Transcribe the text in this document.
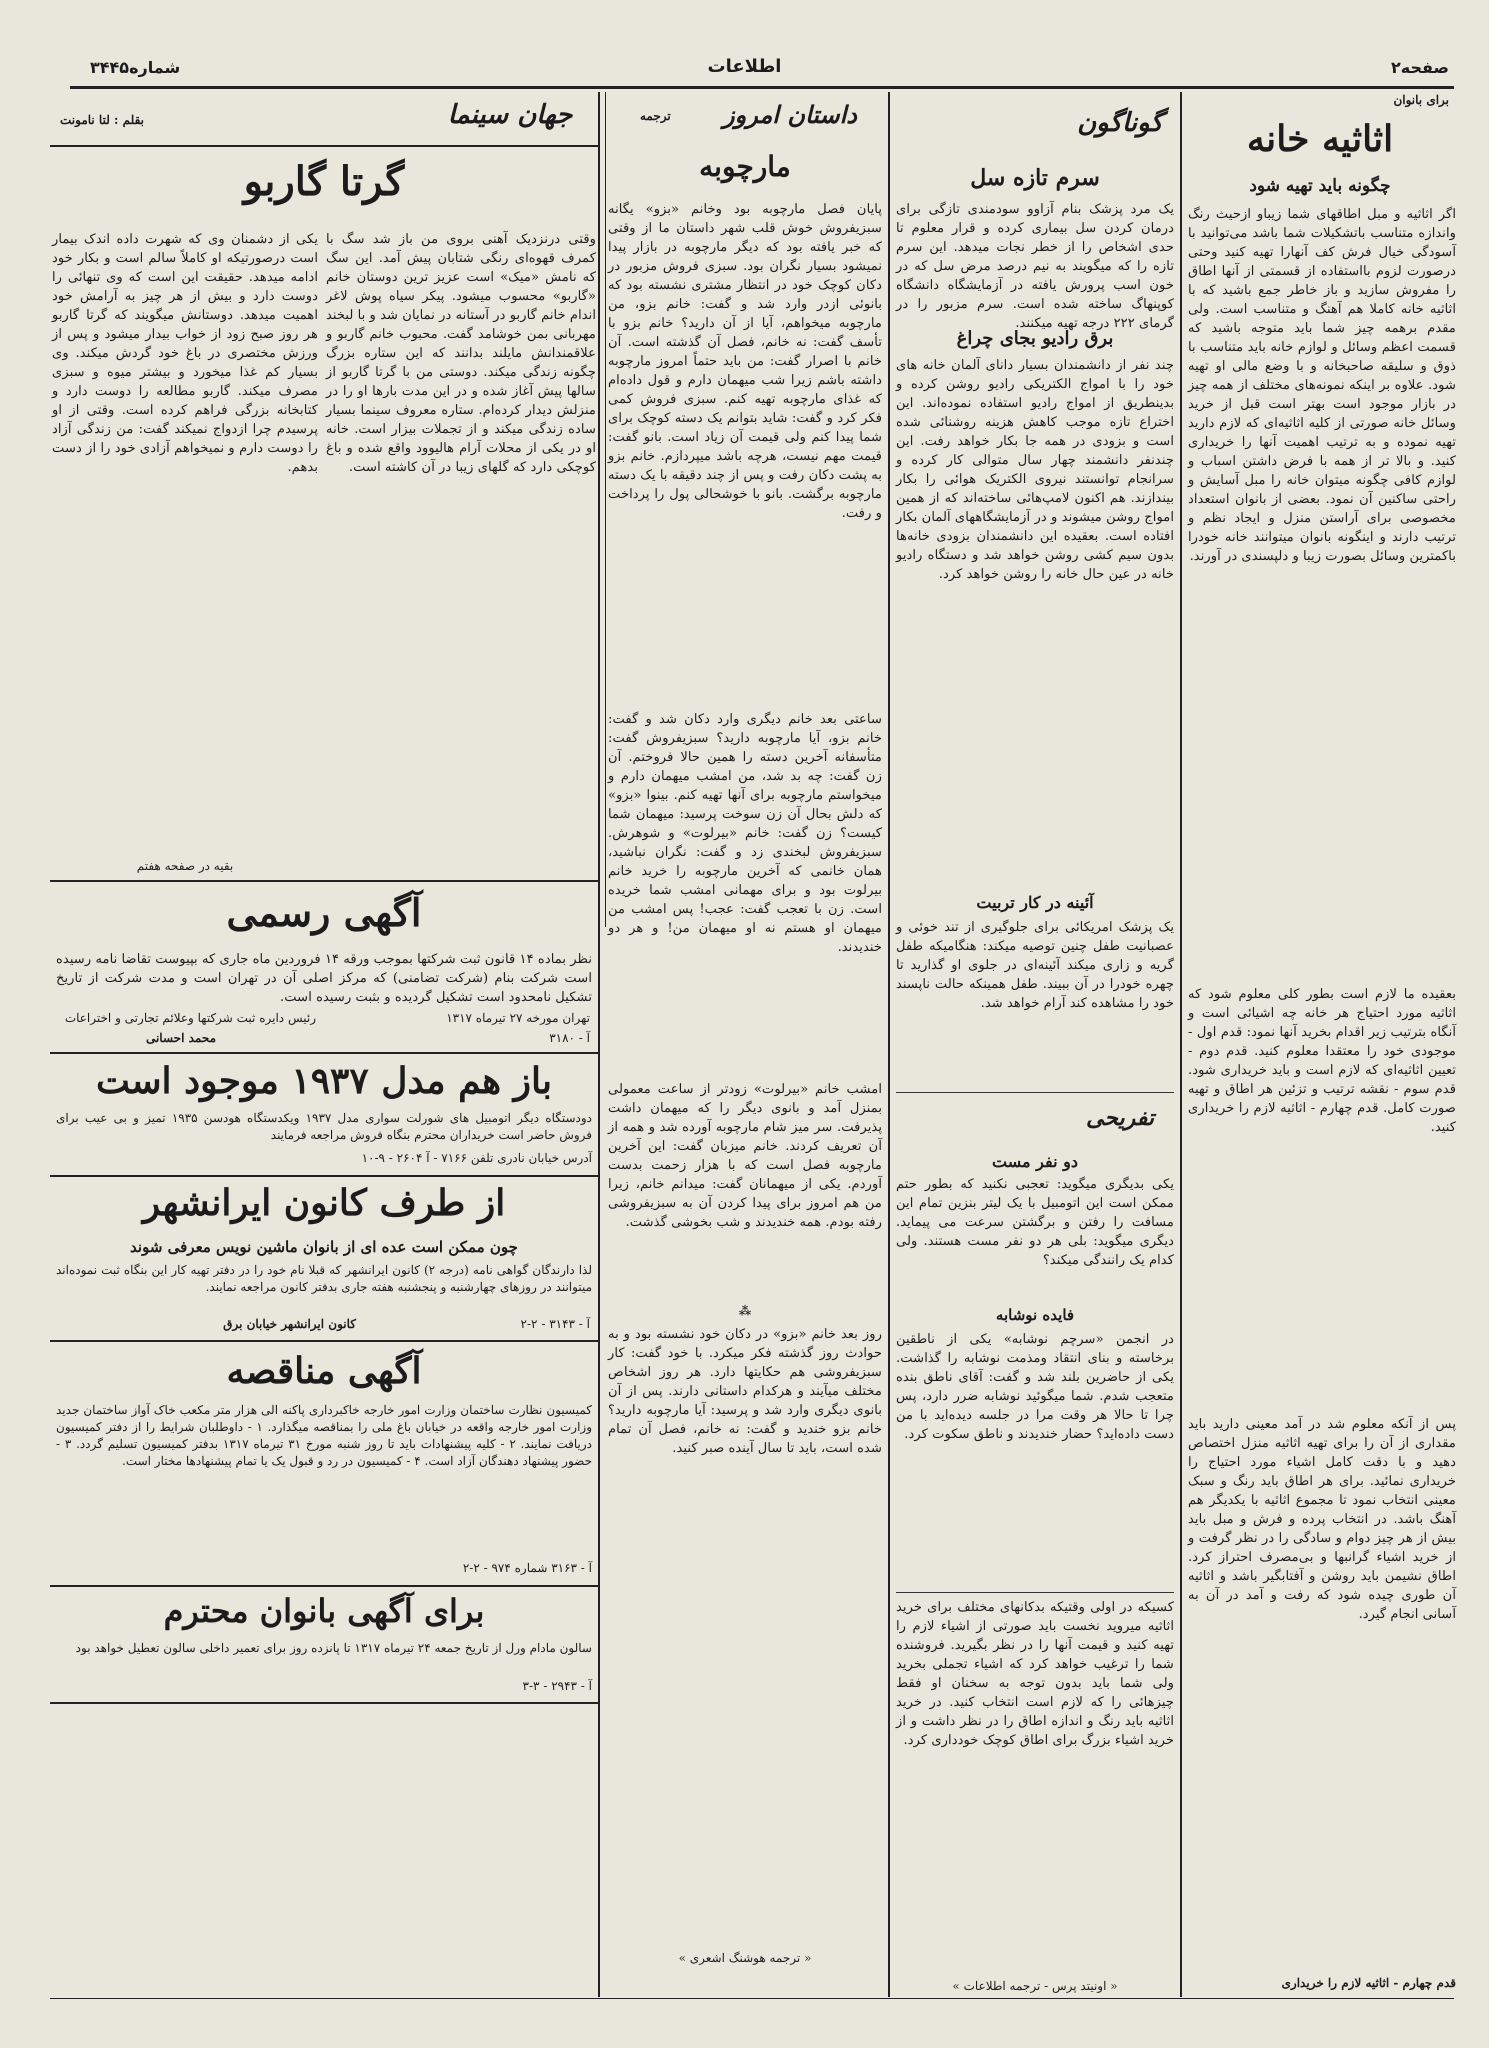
صفحه۲
اطلاعات
شماره۳۴۴۵
برای بانوان
اثاثیه خانه
چگونه باید تهیه شود
اگر اثاثیه و مبل اطاقهای شما زیباو ازحیث رنگ واندازه متناسب باتشکیلات شما باشد می‌توانید با آسودگی خیال فرش کف آنهارا تهیه کنید وحتی درصورت لزوم بااستفاده از قسمتی از آنها اطاق را مفروش سازید و باز خاطر جمع باشید که با اثاثیه خانه کاملا هم آهنگ و متناسب است. ولی مقدم برهمه چیز شما باید متوجه باشید که قسمت اعظم وسائل و لوازم خانه باید متناسب با ذوق و سلیقه صاحبخانه و با وضع مالی او تهیه شود. علاوه بر اینکه نمونه‌های مختلف از همه چیز در بازار موجود است بهتر است قبل از خرید وسائل خانه صورتی از کلیه اثاثیه‌ای که لازم دارید تهیه نموده و به ترتیب اهمیت آنها را خریداری کنید. و بالا تر از همه با فرض داشتن اسباب و لوازم کافی چگونه میتوان خانه را مبل آسایش و راحتی ساکنین آن نمود. بعضی از بانوان استعداد مخصوصی برای آراستن منزل و ایجاد نظم و ترتیب دارند و اینگونه بانوان میتوانند خانه خودرا باکمترین وسائل بصورت زیبا و دلپسندی در آورند.
بعقیده ما لازم است بطور کلی معلوم شود که اثاثیه مورد احتیاج هر خانه چه اشیائی است و آنگاه بترتیب زیر اقدام بخرید آنها نمود: قدم اول - موجودی خود را معتقدا معلوم کنید. قدم دوم - تعیین اثاثیه‌ای که لازم است و باید خریداری شود. قدم سوم - نقشه ترتیب و تزئین هر اطاق و تهیه صورت کامل. قدم چهارم - اثاثیه لازم را خریداری کنید.
پس از آنکه معلوم شد در آمد معینی دارید باید مقداری از آن را برای تهیه اثاثیه منزل اختصاص دهید و با دقت کامل اشیاء مورد احتیاج را خریداری نمائید. برای هر اطاق باید رنگ و سبک معینی انتخاب نمود تا مجموع اثاثیه با یکدیگر هم آهنگ باشد. در انتخاب پرده و فرش و مبل باید بیش از هر چیز دوام و سادگی را در نظر گرفت و از خرید اشیاء گرانبها و بی‌مصرف احتراز کرد. اطاق نشیمن باید روشن و آفتابگیر باشد و اثاثیه آن طوری چیده شود که رفت و آمد در آن به آسانی انجام گیرد.
قدم چهارم - اثاثیه لازم را خریداری
گوناگون
سرم تازه سل
یک مرد پزشک بنام آزاوو سودمندی تازگی برای درمان کردن سل بیماری کرده و قرار معلوم تا حدی اشخاص را از خطر نجات میدهد. این سرم تازه را که میگویند به نیم درصد مرض سل که در خون اسب پرورش یافته در آزمایشگاه دانشگاه کوپنهاگ ساخته شده است. سرم مزبور را در گرمای ۲۲۲ درجه تهیه میکنند.
برق رادیو بجای چراغ
چند نفر از دانشمندان بسیار دانای آلمان خانه های خود را با امواج الکتریکی رادیو روشن کرده و بدینطریق از امواج رادیو استفاده نموده‌اند. این اختراع تازه موجب کاهش هزینه روشنائی شده است و بزودی در همه جا بکار خواهد رفت. این چندنفر دانشمند چهار سال متوالی کار کرده و سرانجام توانستند نیروی الکتریک هوائی را بکار بیندازند. هم اکنون لامپ‌هائی ساخته‌اند که از همین امواج روشن میشوند و در آزمایشگاههای آلمان بکار افتاده است. بعقیده این دانشمندان بزودی خانه‌ها بدون سیم کشی روشن خواهد شد و دستگاه رادیو خانه در عین حال خانه را روشن خواهد کرد.
آئینه در کار تربیت
یک پزشک امریکائی برای جلوگیری از تند خوئی و عصبانیت طفل چنین توصیه میکند: هنگامیکه طفل گریه و زاری میکند آئینه‌ای در جلوی او گذارید تا چهره خودرا در آن ببیند. طفل همینکه حالت ناپسند خود را مشاهده کند آرام خواهد شد.
تفریحی
دو نفر مست
یکی بدیگری میگوید: تعجبی نکنید که بطور حتم ممکن است این اتومبیل با یک لیتر بنزین تمام این مسافت را رفتن و برگشتن سرعت می پیماید. دیگری میگوید: بلی هر دو نفر مست هستند. ولی کدام یک رانندگی میکند؟
فایده نوشابه
در انجمن «سرچم نوشابه» یکی از ناطقین برخاسته و بنای انتقاد ومذمت نوشابه را گذاشت. یکی از حاضرین بلند شد و گفت: آقای ناطق بنده متعجب شدم. شما میگوئید نوشابه ضرر دارد، پس چرا تا حالا هر وقت مرا در جلسه دیده‌اید با من دست داده‌اید؟ حضار خندیدند و ناطق سکوت کرد.
کسیکه در اولی وقتیکه بدکانهای مختلف برای خرید اثاثیه میروید نخست باید صورتی از اشیاء لازم را تهیه کنید و قیمت آنها را در نظر بگیرید. فروشنده شما را ترغیب خواهد کرد که اشیاء تجملی بخرید ولی شما باید بدون توجه به سخنان او فقط چیزهائی را که لازم است انتخاب کنید. در خرید اثاثیه باید رنگ و اندازه اطاق را در نظر داشت و از خرید اشیاء بزرگ برای اطاق کوچک خودداری کرد.
« اونیتد پرس - ترجمه اطلاعات »
داستان امروز
ترجمه
مارچوبه
پایان فصل مارچوبه بود وخانم «بزو» یگانه سبزیفروش خوش قلب شهر داستان ما از وقتی که خبر یافته بود که دیگر مارچوبه در بازار پیدا نمیشود بسیار نگران بود. سبزی فروش مزبور در دکان کوچک خود در انتظار مشتری نشسته بود که بانوئی ازدر وارد شد و گفت: خانم بزو، من مارچوبه میخواهم، آیا از آن دارید؟ خانم بزو با تأسف گفت: نه خانم، فصل آن گذشته است. آن خانم با اصرار گفت: من باید حتماً امروز مارچوبه داشته باشم زیرا شب میهمان دارم و قول داده‌ام که غذای مارچوبه تهیه کنم. سبزی فروش کمی فکر کرد و گفت: شاید بتوانم یک دسته کوچک برای شما پیدا کنم ولی قیمت آن زیاد است. بانو گفت: قیمت مهم نیست، هرچه باشد میپردازم. خانم بزو به پشت دکان رفت و پس از چند دقیقه با یک دسته مارچوبه برگشت. بانو با خوشحالی پول را پرداخت و رفت.
ساعتی بعد خانم دیگری وارد دکان شد و گفت: خانم بزو، آیا مارچوبه دارید؟ سبزیفروش گفت: متأسفانه آخرین دسته را همین حالا فروختم. آن زن گفت: چه بد شد، من امشب میهمان دارم و میخواستم مارچوبه برای آنها تهیه کنم. بینوا «بزو» که دلش بحال آن زن سوخت پرسید: میهمان شما کیست؟ زن گفت: خانم «بیرلوت» و شوهرش. سبزیفروش لبخندی زد و گفت: نگران نباشید، همان خانمی که آخرین مارچوبه را خرید خانم بیرلوت بود و برای مهمانی امشب شما خریده است. زن با تعجب گفت: عجب! پس امشب من میهمان او هستم نه او میهمان من! و هر دو خندیدند.
⁂
امشب خانم «بیرلوت» زودتر از ساعت معمولی بمنزل آمد و بانوی دیگر را که میهمان داشت پذیرفت. سر میز شام مارچوبه آورده شد و همه از آن تعریف کردند. خانم میزبان گفت: این آخرین مارچوبه فصل است که با هزار زحمت بدست آوردم. یکی از میهمانان گفت: میدانم خانم، زیرا من هم امروز برای پیدا کردن آن به سبزیفروشی رفته بودم. همه خندیدند و شب بخوشی گذشت.
روز بعد خانم «بزو» در دکان خود نشسته بود و به حوادث روز گذشته فکر میکرد. با خود گفت: کار سبزیفروشی هم حکایتها دارد. هر روز اشخاص مختلف میآیند و هرکدام داستانی دارند. پس از آن بانوی دیگری وارد شد و پرسید: آیا مارچوبه دارید؟ خانم بزو خندید و گفت: نه خانم، فصل آن تمام شده است، باید تا سال آینده صبر کنید.
« ترجمه هوشنگ اشعری »
جهان سینما
بقلم : لتا نامونت
گرتا گاربو
وقتی درنزدیک آهنی بروی من باز شد سگ با کمرف قهوه‌ای رنگی شتابان پیش آمد. این سگ که نامش «میک» است عزیز ترین دوستان خانم «گاربو» محسوب میشود. پیکر سیاه پوش لاغر اندام خانم گاربو در آستانه در نمایان شد و با لبخند مهربانی بمن خوشامد گفت. محبوب خانم گاربو و علاقمندانش مایلند بدانند که این ستاره بزرگ چگونه زندگی میکند. دوستی من با گرتا گاربو از سالها پیش آغاز شده و در این مدت بارها او را در منزلش دیدار کرده‌ام. ستاره معروف سینما بسیار ساده زندگی میکند و از تجملات بیزار است. خانه او در یکی از محلات آرام هالیوود واقع شده و باغ کوچکی دارد که گلهای زیبا در آن کاشته است.
یکی از دشمنان وی که شهرت داده اندک بیمار است درصورتیکه او کاملاً سالم است و بکار خود ادامه میدهد. حقیقت این است که وی تنهائی را دوست دارد و بیش از هر چیز به آرامش خود اهمیت میدهد. دوستانش میگویند که گرتا گاربو هر روز صبح زود از خواب بیدار میشود و پس از ورزش مختصری در باغ خود گردش میکند. وی بسیار کم غذا میخورد و بیشتر میوه و سبزی مصرف میکند. گاربو مطالعه را دوست دارد و کتابخانه بزرگی فراهم کرده است. وقتی از او پرسیدم چرا ازدواج نمیکند گفت: من زندگی آزاد را دوست دارم و نمیخواهم آزادی خود را از دست بدهم.
بقیه در صفحه هفتم
آگهی رسمی
نظر بماده ۱۴ قانون ثبت شرکتها بموجب ورقه ۱۴ فروردین ماه جاری که بپیوست تقاضا نامه رسیده است شرکت بنام (شرکت تضامنی) که مرکز اصلی آن در تهران است و مدت شرکت از تاریخ تشکیل نامحدود است تشکیل گردیده و بثبت رسیده است.
تهران مورخه ۲۷ تیرماه ۱۳۱۷
رئیس دایره ثبت شرکتها وعلائم تجارتی و اختراعات
محمد احسانی	آ - ۳۱۸۰
باز هم مدل ۱۹۳۷ موجود است
دودستگاه دیگر اتومبیل های شورلت سواری مدل ۱۹۳۷ ویکدستگاه هودسن ۱۹۳۵ تمیز و بی عیب برای فروش حاضر است خریداران محترم بنگاه فروش مراجعه فرمایند
آدرس خیابان نادری تلفن ۷۱۶۶ - آ ۲۶۰۴ - ۹-۱۰
از طرف کانون ایرانشهر
چون ممکن است عده ای از بانوان ماشین نویس معرفی شوند
لذا دارندگان گواهی نامه (درجه ۲) کانون ایرانشهر که قبلا نام خود را در دفتر تهیه کار این بنگاه ثبت نموده‌اند میتوانند در روزهای چهارشنبه و پنجشنبه هفته جاری بدفتر کانون مراجعه نمایند.
کانون ایرانشهر خیابان برق	آ - ۳۱۴۳ - ۲-۲
آگهی مناقصه
کمیسیون نظارت ساختمان وزارت امور خارجه خاکبرداری پاکنه الی هزار متر مکعب خاک آواز ساختمان جدید وزارت امور خارجه واقعه در خیابان باغ ملی را بمناقصه میگذارد. ۱ - داوطلبان شرایط را از دفتر کمیسیون دریافت نمایند. ۲ - کلیه پیشنهادات باید تا روز شنبه مورخ ۳۱ تیرماه ۱۳۱۷ بدفتر کمیسیون تسلیم گردد. ۳ - حضور پیشنهاد دهندگان آزاد است. ۴ - کمیسیون در رد و قبول یک یا تمام پیشنهادها مختار است.
آ - ۳۱۶۳ شماره ۹۷۴ - ۲-۲
برای آگهی بانوان محترم
سالون مادام ورل از تاریخ جمعه ۲۴ تیرماه ۱۳۱۷ تا پانزده روز برای تعمیر داخلی سالون تعطیل خواهد بود
آ - ۲۹۴۳ - ۳-۳
